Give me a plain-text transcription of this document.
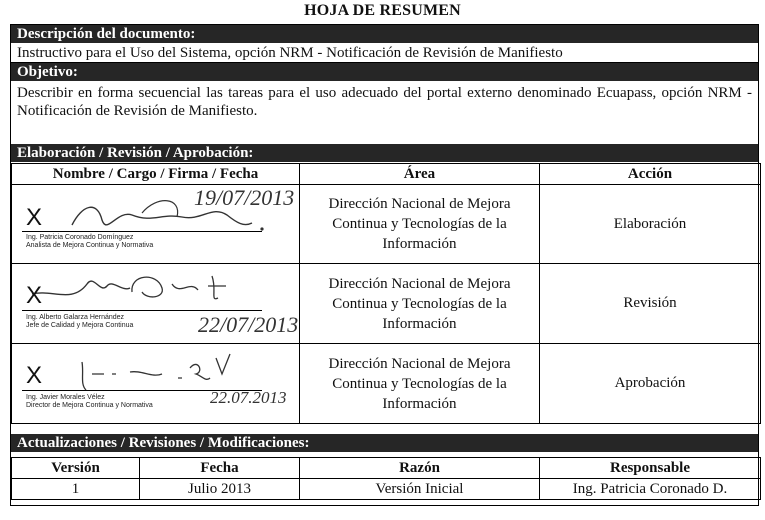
HOJA DE RESUMEN
Descripción del documento:
Instructivo para el Uso del Sistema, opción NRM - Notificación de Revisión de Manifiesto
Objetivo:
Describir en forma secuencial las tareas para el uso adecuado del portal externo denominado Ecuapass, opción NRM - Notificación de Revisión de Manifiesto.
Elaboración / Revisión / Aprobación:
Nombre / Cargo / Firma / Fecha	Área	Acción

X
19/07/2013
Ing. Patricia Coronado Domínguez
Analista de Mejora Continua y Normativa	Dirección Nacional de Mejora Continua y Tecnologías de la Información	Elaboración

X
22/07/2013
Ing. Alberto Galarza Hernández
Jefe de Calidad y Mejora Continua	Dirección Nacional de Mejora Continua y Tecnologías de la Información	Revisión

X
22.07.2013
Ing. Javier Morales Vélez
Director de Mejora Continua y Normativa	Dirección Nacional de Mejora Continua y Tecnologías de la Información	Aprobación
Actualizaciones / Revisiones / Modificaciones:
Versión	Fecha	Razón	Responsable
1	Julio 2013	Versión Inicial	Ing. Patricia Coronado D.
